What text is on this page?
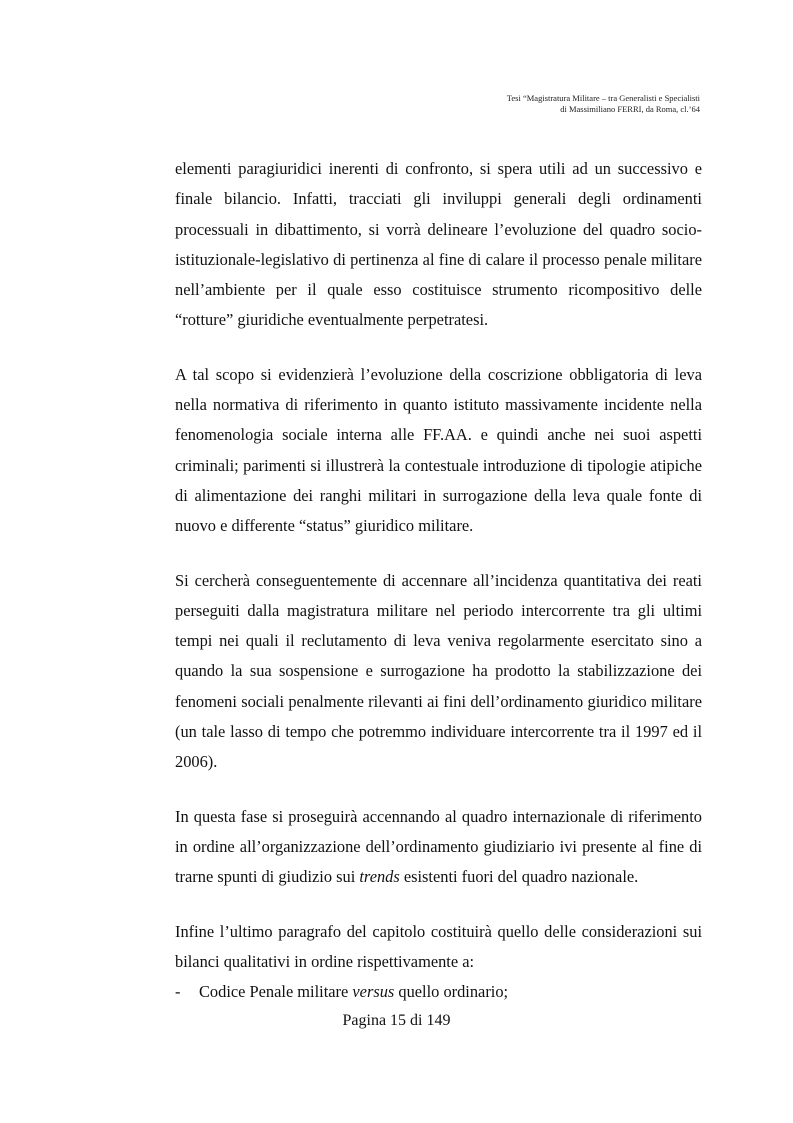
Tesi “Magistratura Militare – tra Generalisti e Specialisti
di Massimiliano FERRI, da Roma, cl.’64

elementi paragiuridici inerenti di confronto, si spera utili ad un successivo e finale bilancio. Infatti, tracciati gli inviluppi generali degli ordinamenti processuali in dibattimento, si vorrà delineare l’evoluzione del quadro socio-istituzionale-legislativo di pertinenza al fine di calare il processo penale militare nell’ambiente per il quale esso costituisce strumento ricompositivo delle “rotture” giuridiche eventualmente perpetratesi.

A tal scopo si evidenzierà l’evoluzione della coscrizione obbligatoria di leva nella normativa di riferimento in quanto istituto massivamente incidente nella fenomenologia sociale interna alle FF.AA. e quindi anche nei suoi aspetti criminali; parimenti si illustrerà la contestuale introduzione di tipologie atipiche di alimentazione dei ranghi militari in surrogazione della leva quale fonte di nuovo e differente “status” giuridico militare.

Si cercherà conseguentemente di accennare all’incidenza quantitativa dei reati perseguiti dalla magistratura militare nel periodo intercorrente tra gli ultimi tempi nei quali il reclutamento di leva veniva regolarmente esercitato sino a quando la sua sospensione e surrogazione ha prodotto la stabilizzazione dei fenomeni sociali penalmente rilevanti ai fini dell’ordinamento giuridico militare (un tale lasso di tempo che potremmo individuare intercorrente tra il 1997 ed il 2006).

In questa fase si proseguirà accennando al quadro internazionale di riferimento in ordine all’organizzazione dell’ordinamento giudiziario ivi presente al fine di trarne spunti di giudizio sui trends esistenti fuori del quadro nazionale.

Infine l’ultimo paragrafo del capitolo costituirà quello delle considerazioni sui bilanci qualitativi in ordine rispettivamente a:

-	Codice Penale militare versus quello ordinario;
Pagina 15 di 149
